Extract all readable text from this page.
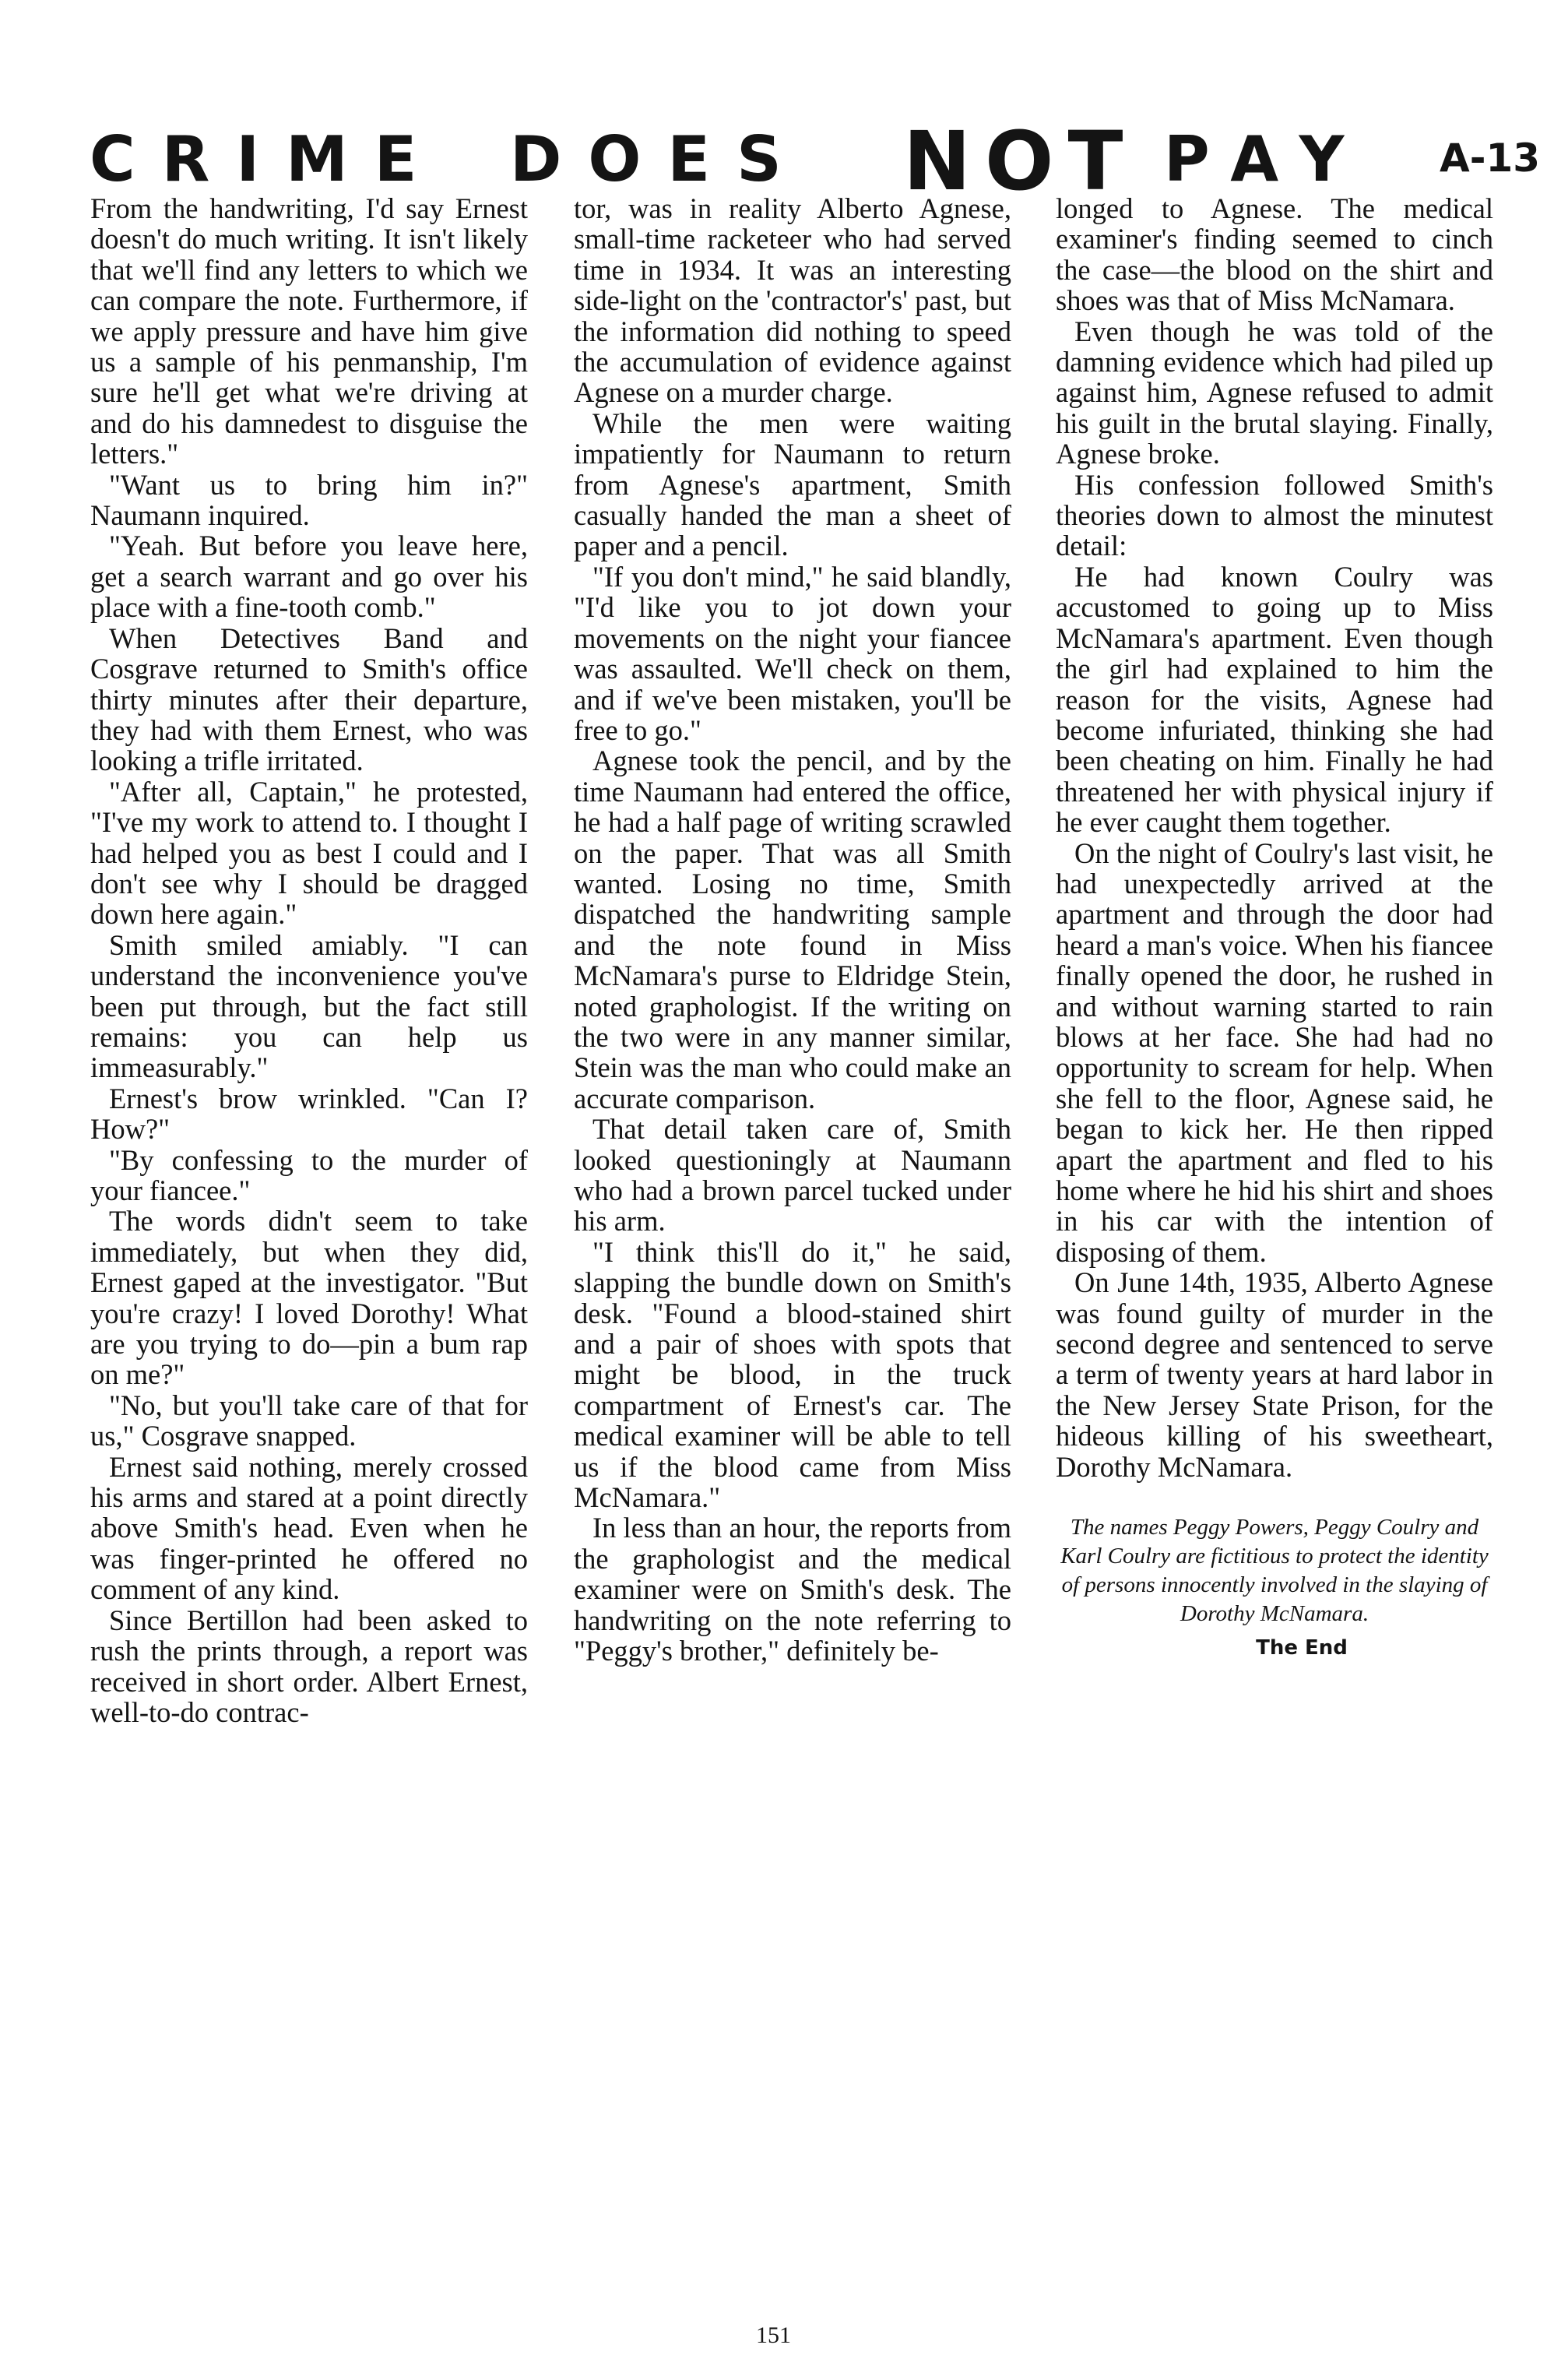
CRIME DOES NOT PAY A-13

From the handwriting, I'd say Ernest doesn't do much writing. It isn't likely that we'll find any letters to which we can compare the note. Furthermore, if we apply pressure and have him give us a sample of his penmanship, I'm sure he'll get what we're driving at and do his damnedest to disguise the letters."

"Want us to bring him in?" Naumann inquired.

"Yeah. But before you leave here, get a search warrant and go over his place with a fine-tooth comb."

When Detectives Band and Cosgrave returned to Smith's office thirty minutes after their departure, they had with them Ernest, who was looking a trifle irritated.

"After all, Captain," he protested, "I've my work to attend to. I thought I had helped you as best I could and I don't see why I should be dragged down here again."

Smith smiled amiably. "I can understand the inconvenience you've been put through, but the fact still remains: you can help us immeasurably."

Ernest's brow wrinkled. "Can I? How?"

"By confessing to the murder of your fiancee."

The words didn't seem to take immediately, but when they did, Ernest gaped at the investigator. "But you're crazy! I loved Dorothy! What are you trying to do—pin a bum rap on me?"

"No, but you'll take care of that for us," Cosgrave snapped.

Ernest said nothing, merely crossed his arms and stared at a point directly above Smith's head. Even when he was finger-printed he offered no comment of any kind.

Since Bertillon had been asked to rush the prints through, a report was received in short order. Albert Ernest, well-to-do contrac-

tor, was in reality Alberto Agnese, small-time racketeer who had served time in 1934. It was an interesting side-light on the 'contractor's' past, but the information did nothing to speed the accumulation of evidence against Agnese on a murder charge.

While the men were waiting impatiently for Naumann to return from Agnese's apartment, Smith casually handed the man a sheet of paper and a pencil.

"If you don't mind," he said blandly, "I'd like you to jot down your movements on the night your fiancee was assaulted. We'll check on them, and if we've been mistaken, you'll be free to go."

Agnese took the pencil, and by the time Naumann had entered the office, he had a half page of writing scrawled on the paper. That was all Smith wanted. Losing no time, Smith dispatched the handwriting sample and the note found in Miss McNamara's purse to Eldridge Stein, noted graphologist. If the writing on the two were in any manner similar, Stein was the man who could make an accurate comparison.

That detail taken care of, Smith looked questioningly at Naumann who had a brown parcel tucked under his arm.

"I think this'll do it," he said, slapping the bundle down on Smith's desk. "Found a blood-stained shirt and a pair of shoes with spots that might be blood, in the truck compartment of Ernest's car. The medical examiner will be able to tell us if the blood came from Miss McNamara."

In less than an hour, the reports from the graphologist and the medical examiner were on Smith's desk. The handwriting on the note referring to "Peggy's brother," definitely be-

longed to Agnese. The medical examiner's finding seemed to cinch the case—the blood on the shirt and shoes was that of Miss McNamara.

Even though he was told of the damning evidence which had piled up against him, Agnese refused to admit his guilt in the brutal slaying. Finally, Agnese broke.

His confession followed Smith's theories down to almost the minutest detail:

He had known Coulry was accustomed to going up to Miss McNamara's apartment. Even though the girl had explained to him the reason for the visits, Agnese had become infuriated, thinking she had been cheating on him. Finally he had threatened her with physical injury if he ever caught them together.

On the night of Coulry's last visit, he had unexpectedly arrived at the apartment and through the door had heard a man's voice. When his fiancee finally opened the door, he rushed in and without warning started to rain blows at her face. She had had no opportunity to scream for help. When she fell to the floor, Agnese said, he began to kick her. He then ripped apart the apartment and fled to his home where he hid his shirt and shoes in his car with the intention of disposing of them.

On June 14th, 1935, Alberto Agnese was found guilty of murder in the second degree and sentenced to serve a term of twenty years at hard labor in the New Jersey State Prison, for the hideous killing of his sweetheart, Dorothy McNamara.

The names Peggy Powers, Peggy Coulry and Karl Coulry are fictitious to protect the identity of persons innocently involved in the slaying of Dorothy McNamara.
The End
151
